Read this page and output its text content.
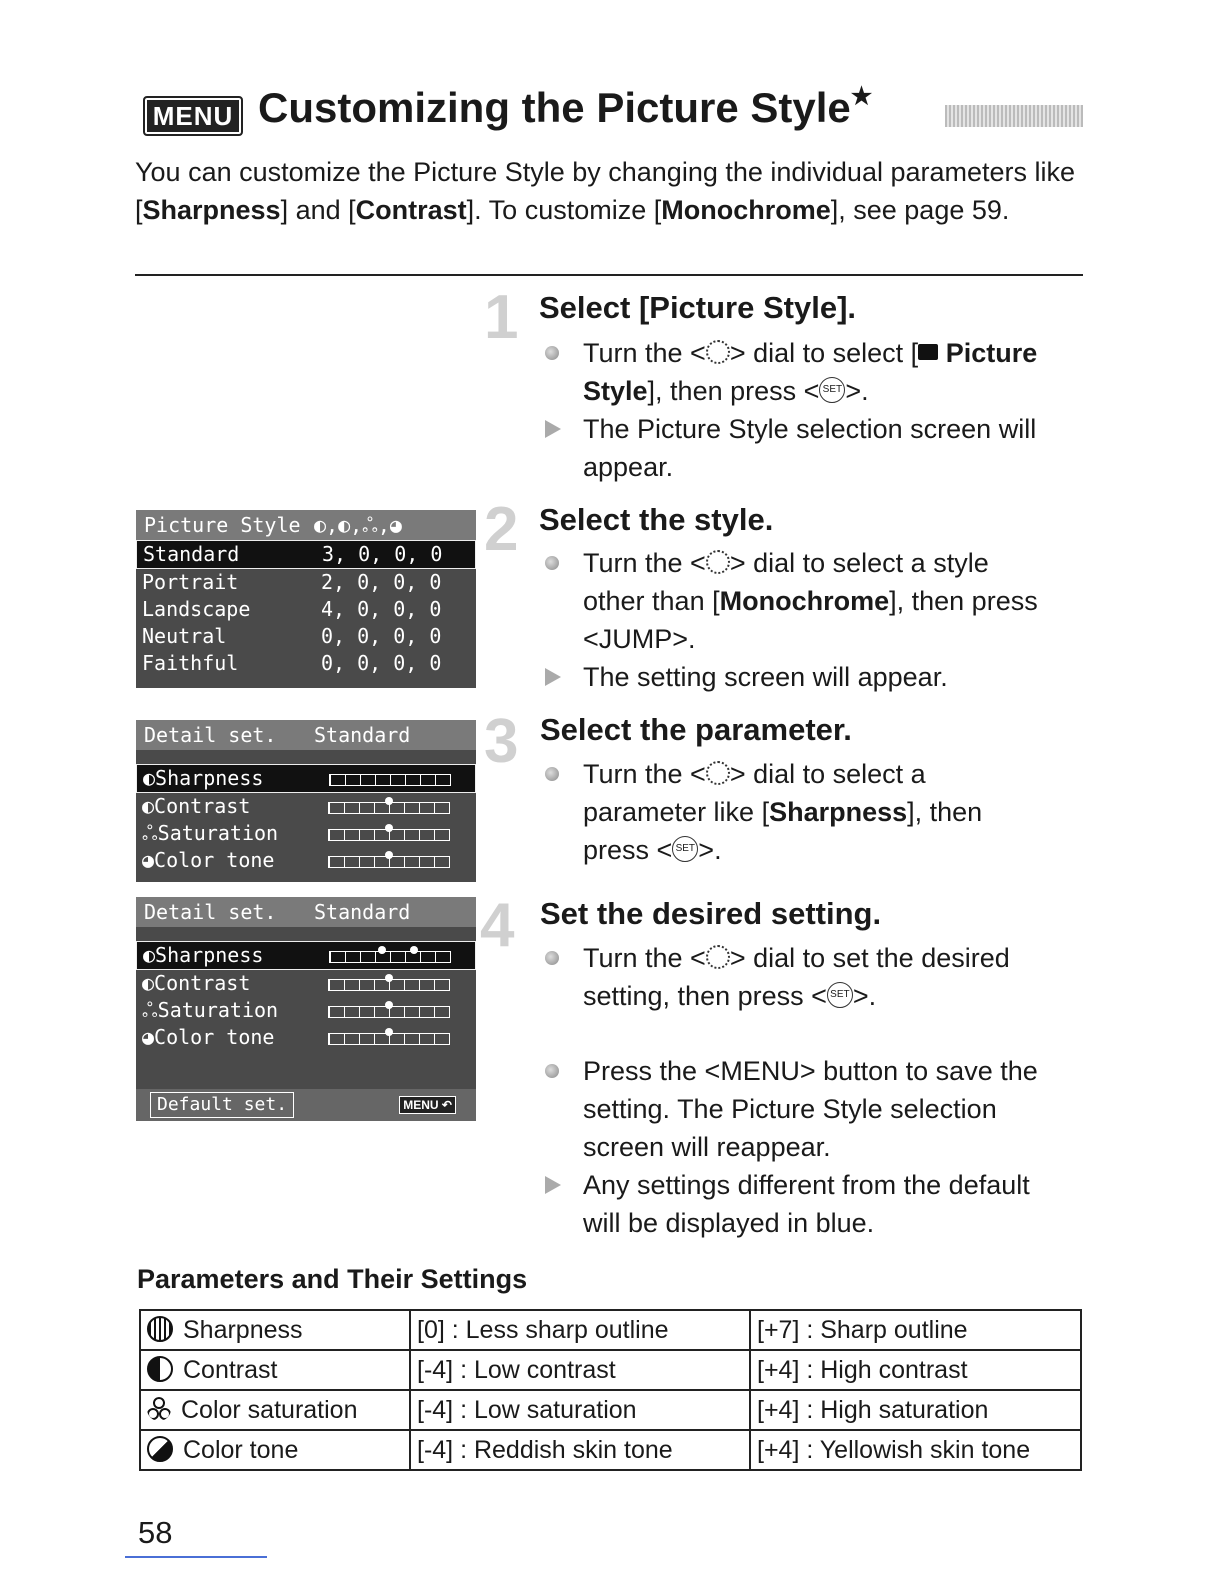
MENU Customizing the Picture Style★
You can customize the Picture Style by changing the individual parameters like [Sharpness] and [Contrast]. To customize [Monochrome], see page 59.
1 Select [Picture Style].
Turn the < > dial to select [ Picture Style], then press < SET >.
The Picture Style selection screen will appear.
Picture Style ◐,◐,ஃ,◕
Standard	3, 0, 0, 0
Portrait	2, 0, 0, 0
Landscape	4, 0, 0, 0
Neutral	0, 0, 0, 0
Faithful	0, 0, 0, 0
2 Select the style.
Turn the < > dial to select a style other than [Monochrome], then press <JUMP>.
The setting screen will appear.
Detail set. Standard
◐Sharpness
◐Contrast
ஃSaturation
◕Color tone
3 Select the parameter.
Turn the < > dial to select a parameter like [Sharpness], then press < SET >.
Detail set. Standard
◐Sharpness
◐Contrast
ஃSaturation
◕Color tone
Default set.	MENU ↶
4 Set the desired setting.
Turn the < > dial to set the desired setting, then press < SET >.
Press the <MENU> button to save the setting. The Picture Style selection screen will reappear.
Any settings different from the default will be displayed in blue.
Parameters and Their Settings
Sharpness	[0] : Less sharp outline	[+7] : Sharp outline
Contrast	[-4] : Low contrast	[+4] : High contrast
Color saturation	[-4] : Low saturation	[+4] : High saturation
Color tone	[-4] : Reddish skin tone	[+4] : Yellowish skin tone
58
